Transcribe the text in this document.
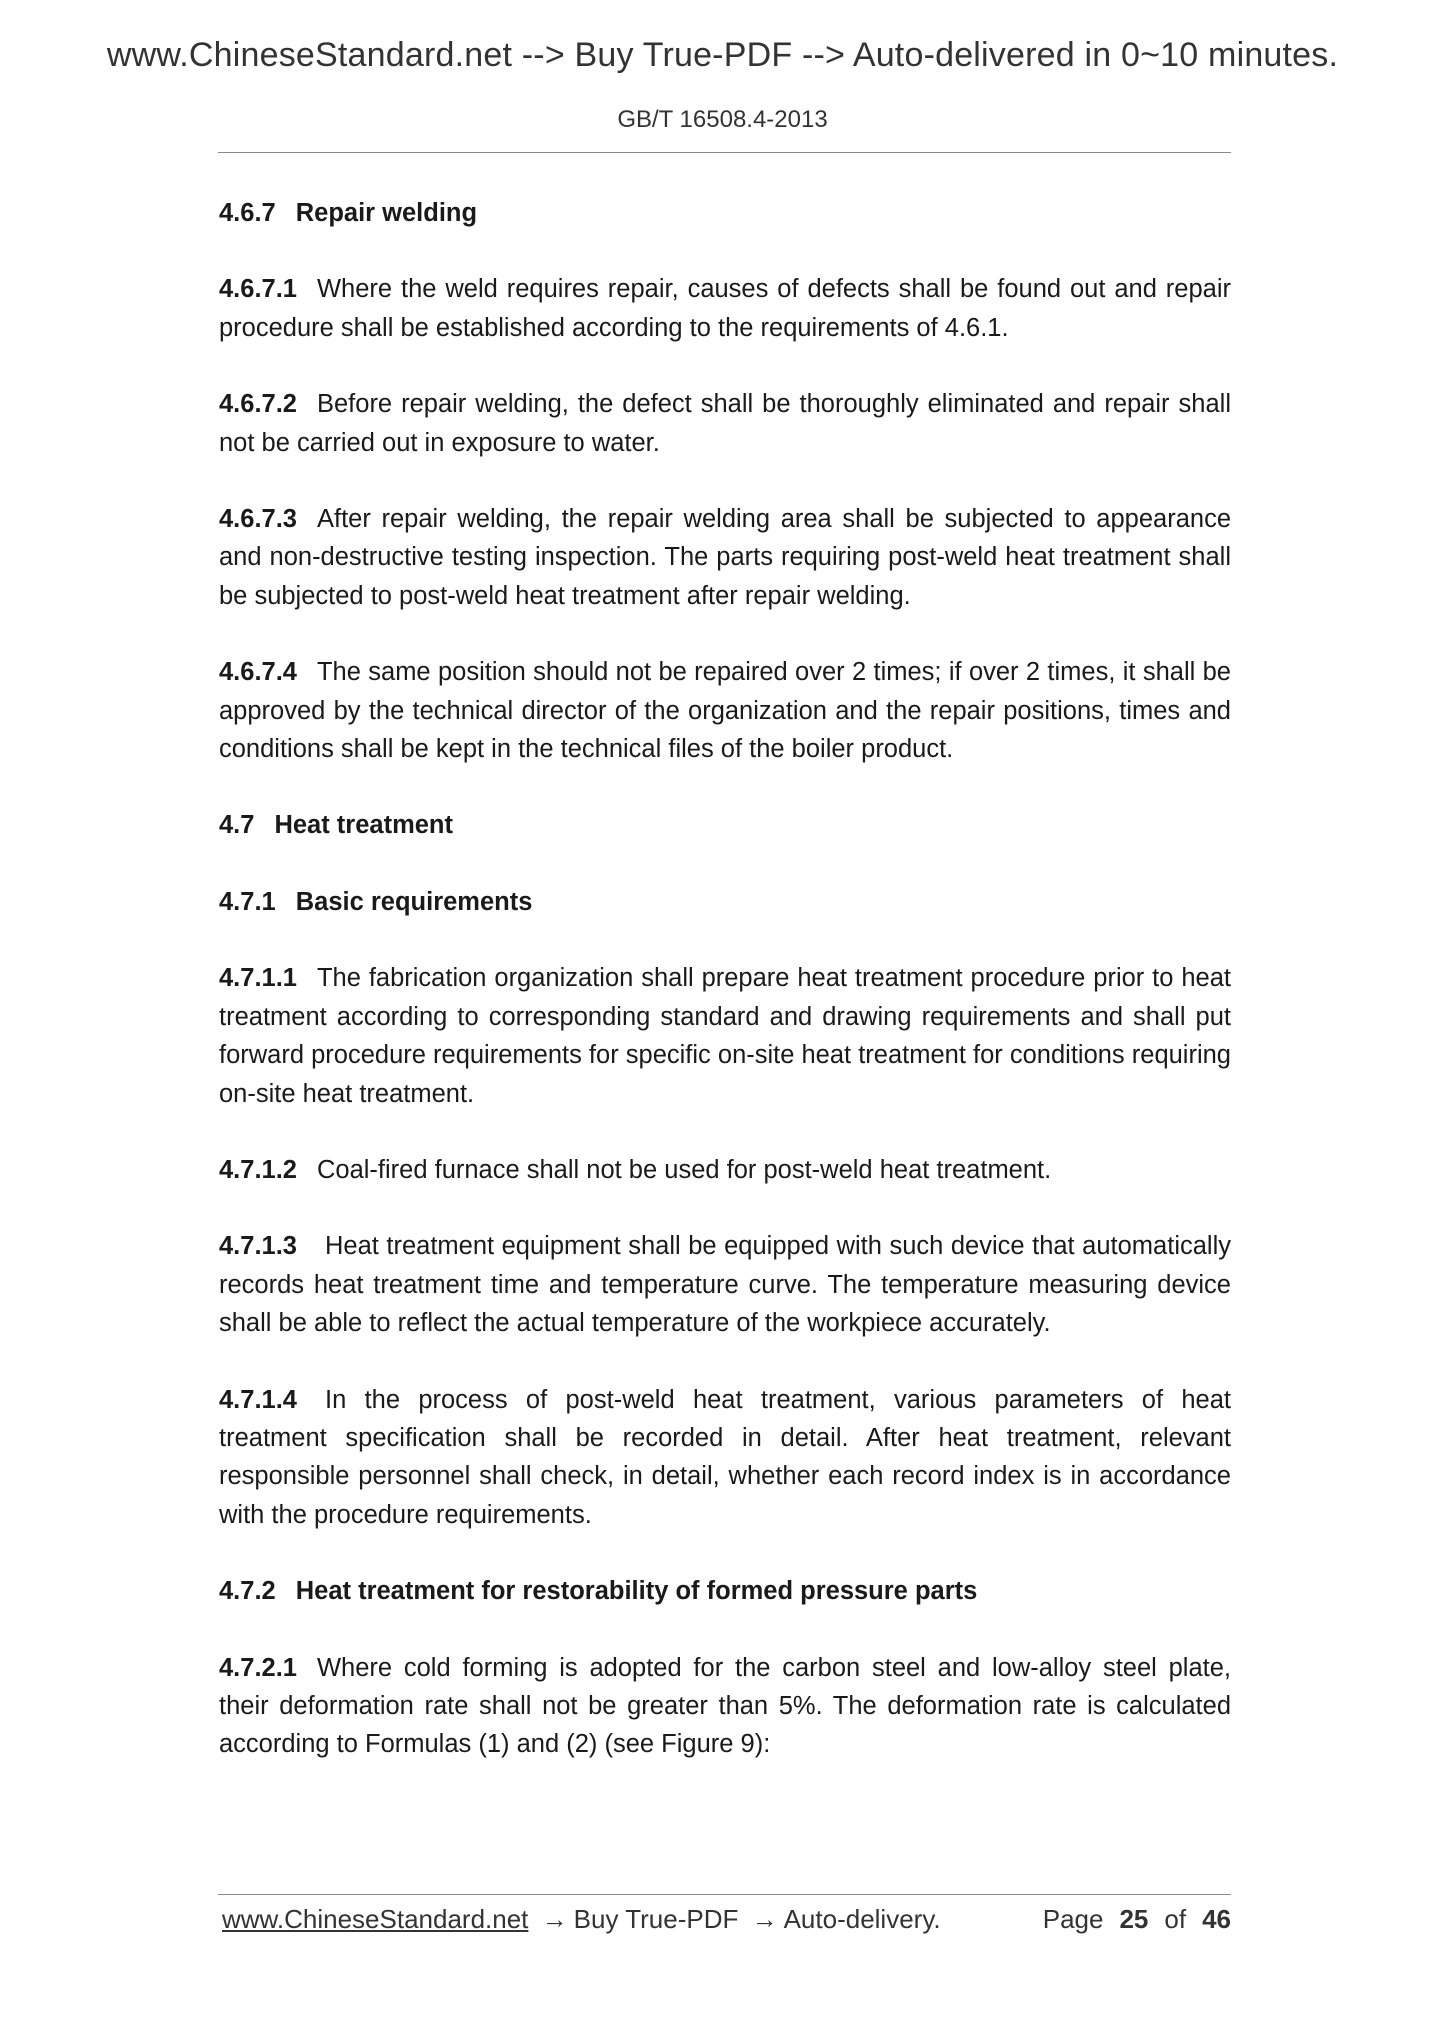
www.ChineseStandard.net --> Buy True-PDF --> Auto-delivered in 0~10 minutes.
GB/T 16508.4-2013
4.6.7 Repair welding
4.6.7.1 Where the weld requires repair, causes of defects shall be found out and repair procedure shall be established according to the requirements of 4.6.1.
4.6.7.2 Before repair welding, the defect shall be thoroughly eliminated and repair shall not be carried out in exposure to water.
4.6.7.3 After repair welding, the repair welding area shall be subjected to appearance and non-destructive testing inspection. The parts requiring post-weld heat treatment shall be subjected to post-weld heat treatment after repair welding.
4.6.7.4 The same position should not be repaired over 2 times; if over 2 times, it shall be approved by the technical director of the organization and the repair positions, times and conditions shall be kept in the technical files of the boiler product.
4.7 Heat treatment
4.7.1 Basic requirements
4.7.1.1 The fabrication organization shall prepare heat treatment procedure prior to heat treatment according to corresponding standard and drawing requirements and shall put forward procedure requirements for specific on-site heat treatment for conditions requiring on-site heat treatment.
4.7.1.2 Coal-fired furnace shall not be used for post-weld heat treatment.
4.7.1.3 Heat treatment equipment shall be equipped with such device that automatically records heat treatment time and temperature curve. The temperature measuring device shall be able to reflect the actual temperature of the workpiece accurately.
4.7.1.4 In the process of post-weld heat treatment, various parameters of heat treatment specification shall be recorded in detail. After heat treatment, relevant responsible personnel shall check, in detail, whether each record index is in accordance with the procedure requirements.
4.7.2 Heat treatment for restorability of formed pressure parts
4.7.2.1 Where cold forming is adopted for the carbon steel and low-alloy steel plate, their deformation rate shall not be greater than 5%. The deformation rate is calculated according to Formulas (1) and (2) (see Figure 9):
www.ChineseStandard.net → Buy True-PDF → Auto-delivery.	Page 25 of 46
